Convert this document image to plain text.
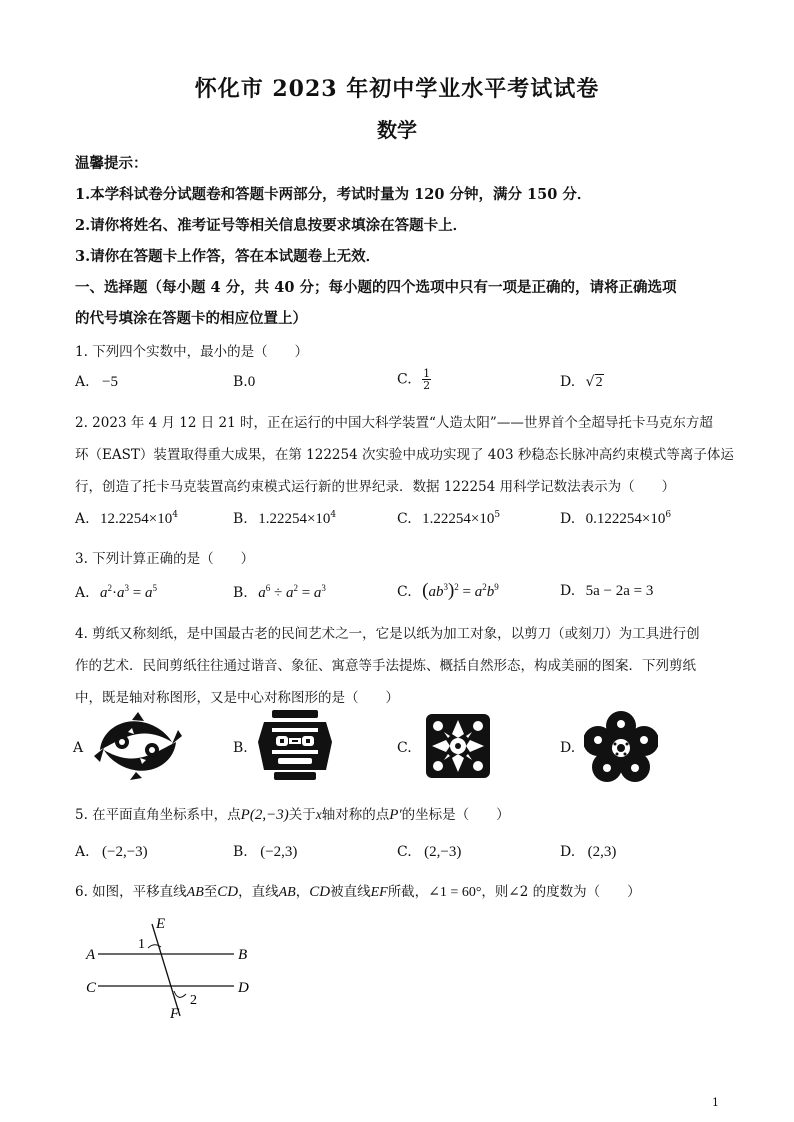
怀化市 2023 年初中学业水平考试试卷
数学
温馨提示：
1.本学科试卷分试题卷和答题卡两部分，考试时量为 120 分钟，满分 150 分．
2.请你将姓名、准考证号等相关信息按要求填涂在答题卡上．
3.请你在答题卡上作答，答在本试题卷上无效．
一、选择题（每小题 4 分，共 40 分；每小题的四个选项中只有一项是正确的，请将正确选项
的代号填涂在答题卡的相应位置上）
1. 下列四个实数中，最小的是（　　）
A. −5	B.0	C. $\frac{1}{2}$	D. √2
2. 2023 年 4 月 12 日 21 时，正在运行的中国大科学装置“人造太阳”——世界首个全超导托卡马克东方超
环（EAST）装置取得重大成果，在第 122254 次实验中成功实现了 403 秒稳态长脉冲高约束模式等离子体运
行，创造了托卡马克装置高约束模式运行新的世界纪录．数据 122254 用科学记数法表示为（　　）
A. $12.2254\times 10^4$	B. $1.22254\times 10^4$	C. $1.22254\times 10^5$	D. $0.122254\times 10^6$
3. 下列计算正确的是（　　）
A. $a^2\cdot a^3 = a^5$	B. $a^6 \div a^2 = a^3$	C. $(ab^3)^2 = a^2b^9$	D. 5a − 2a = 3
4. 剪纸又称刻纸，是中国最古老的民间艺术之一，它是以纸为加工对象，以剪刀（或刻刀）为工具进行创
作的艺术．民间剪纸往往通过谐音、象征、寓意等手法提炼、概括自然形态，构成美丽的图案．下列剪纸
中，既是轴对称图形，又是中心对称图形的是（　　）
A	B.	C.	D.
5. 在平面直角坐标系中，点P(2,−3)关于x轴对称的点P′的坐标是（　　）
A. (−2,−3)	B. (−2,3)	C. (2,−3)	D. (2,3)
6. 如图，平移直线AB至CD，直线AB，CD被直线EF所截，∠1 = 60°，则∠2 的度数为（　　）
E
1
A	B
C	D
2
F
1
